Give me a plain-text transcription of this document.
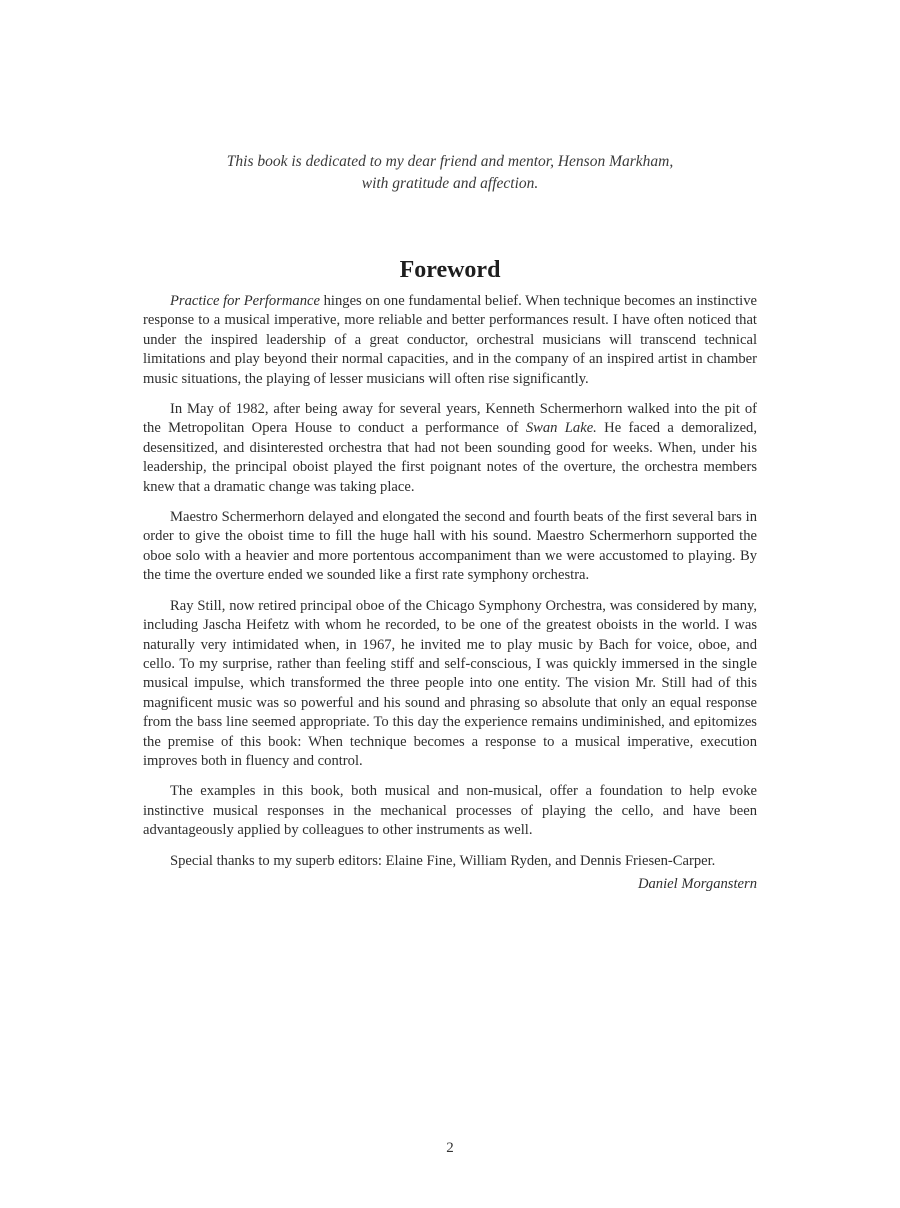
This book is dedicated to my dear friend and mentor, Henson Markham,
with gratitude and affection.
Foreword

Practice for Performance hinges on one fundamental belief. When technique becomes an instinctive response to a musical imperative, more reliable and better performances result. I have often noticed that under the inspired leadership of a great conductor, orchestral musicians will transcend technical limitations and play beyond their normal capacities, and in the company of an inspired artist in chamber music situations, the playing of lesser musicians will often rise significantly.

In May of 1982, after being away for several years, Kenneth Schermerhorn walked into the pit of the Metropolitan Opera House to conduct a performance of Swan Lake. He faced a demoralized, desensitized, and disinterested orchestra that had not been sounding good for weeks. When, under his leadership, the principal oboist played the first poignant notes of the overture, the orchestra members knew that a dramatic change was taking place.

Maestro Schermerhorn delayed and elongated the second and fourth beats of the first several bars in order to give the oboist time to fill the huge hall with his sound. Maestro Schermerhorn supported the oboe solo with a heavier and more portentous accompaniment than we were accustomed to playing. By the time the overture ended we sounded like a first rate symphony orchestra.

Ray Still, now retired principal oboe of the Chicago Symphony Orchestra, was considered by many, including Jascha Heifetz with whom he recorded, to be one of the greatest oboists in the world. I was naturally very intimidated when, in 1967, he invited me to play music by Bach for voice, oboe, and cello. To my surprise, rather than feeling stiff and self-conscious, I was quickly immersed in the single musical impulse, which transformed the three people into one entity. The vision Mr. Still had of this magnificent music was so powerful and his sound and phrasing so absolute that only an equal response from the bass line seemed appropriate. To this day the experience remains undiminished, and epitomizes the premise of this book: When technique becomes a response to a musical imperative, execution improves both in fluency and control.

The examples in this book, both musical and non-musical, offer a foundation to help evoke instinctive musical responses in the mechanical processes of playing the cello, and have been advantageously applied by colleagues to other instruments as well.

Special thanks to my superb editors: Elaine Fine, William Ryden, and Dennis Friesen-Carper.

Daniel Morganstern
2
